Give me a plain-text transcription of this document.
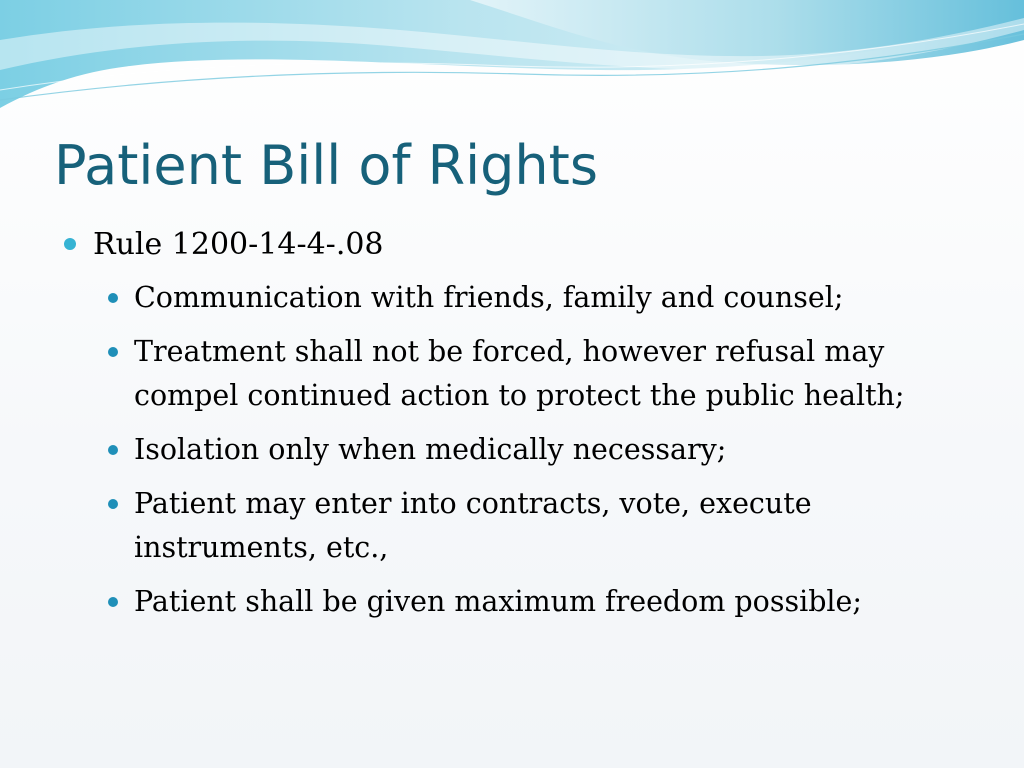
Patient Bill of Rights
Rule 1200-14-4-.08
Communication with friends, family and counsel;
Treatment shall not be forced, however refusal may compel continued action to protect the public health;
Isolation only when medically necessary;
Patient may enter into contracts, vote, execute instruments, etc.,
Patient shall be given maximum freedom possible;
